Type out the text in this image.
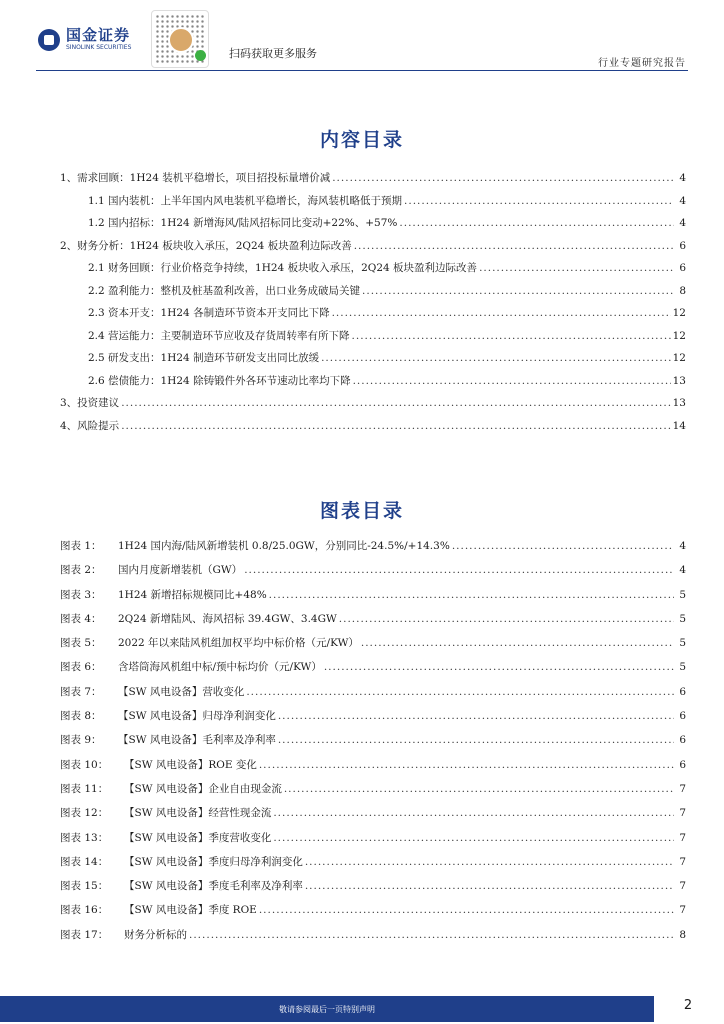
国金证券
SINOLINK SECURITIES	扫码获取更多服务
行业专题研究报告
内容目录
1、需求回顾：1H24 装机平稳增长，项目招投标量增价减 .....	4
1.1 国内装机：上半年国内风电装机平稳增长，海风装机略低于预期 .....	4
1.2 国内招标：1H24 新增海风/陆风招标同比变动+22%、+57% .....	4
2、财务分析：1H24 板块收入承压，2Q24 板块盈利边际改善 .....	6
2.1 财务回顾：行业价格竞争持续，1H24 板块收入承压，2Q24 板块盈利边际改善 .....	6
2.2 盈利能力：整机及桩基盈利改善，出口业务成破局关键 .....	8
2.3 资本开支：1H24 各制造环节资本开支同比下降 .....	12
2.4 营运能力：主要制造环节应收及存货周转率有所下降 .....	12
2.5 研发支出：1H24 制造环节研发支出同比放缓 .....	12
2.6 偿债能力：1H24 除铸锻件外各环节速动比率均下降 .....	13
3、投资建议 .....	13
4、风险提示 .....	14
图表目录
图表 1：	1H24 国内海/陆风新增装机 0.8/25.0GW，分别同比-24.5%/+14.3% .....	4
图表 2：	国内月度新增装机（GW） .....	4
图表 3：	1H24 新增招标规模同比+48% .....	5
图表 4：	2Q24 新增陆风、海风招标 39.4GW、3.4GW .....	5
图表 5：	2022 年以来陆风机组加权平均中标价格（元/KW） .....	5
图表 6：	含塔筒海风机组中标/预中标均价（元/KW） .....	5
图表 7：	【SW 风电设备】营收变化 .....	6
图表 8：	【SW 风电设备】归母净利润变化 .....	6
图表 9：	【SW 风电设备】毛利率及净利率 .....	6
图表 10：	【SW 风电设备】ROE 变化 .....	6
图表 11：	【SW 风电设备】企业自由现金流 .....	7
图表 12：	【SW 风电设备】经营性现金流 .....	7
图表 13：	【SW 风电设备】季度营收变化 .....	7
图表 14：	【SW 风电设备】季度归母净利润变化 .....	7
图表 15：	【SW 风电设备】季度毛利率及净利率 .....	7
图表 16：	【SW 风电设备】季度 ROE .....	7
图表 17：	财务分析标的 .....	8
敬请参阅最后一页特别声明	2
